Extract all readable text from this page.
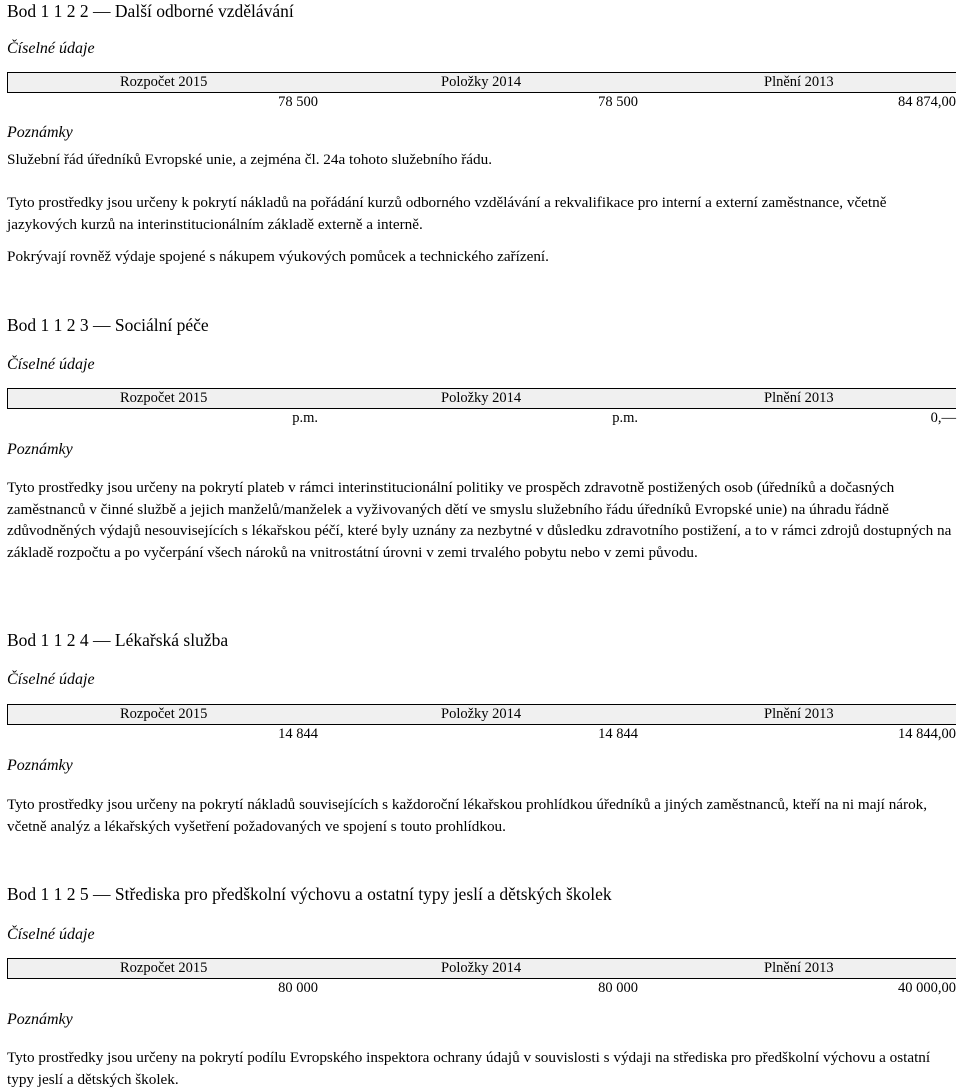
Bod 1 1 2 2 — Další odborné vzdělávání
Číselné údaje
Rozpočet 2015	Položky 2014	Plnění 2013
78 500	78 500	84 874,00
Poznámky

Služební řád úředníků Evropské unie, a zejména čl. 24a tohoto služebního řádu.

Tyto prostředky jsou určeny k pokrytí nákladů na pořádání kurzů odborného vzdělávání a rekvalifikace pro interní a externí zaměstnance, včetně jazykových kurzů na interinstitucionálním základě externě a interně.

Pokrývají rovněž výdaje spojené s nákupem výukových pomůcek a technického zařízení.

Bod 1 1 2 3 — Sociální péče
Číselné údaje
Rozpočet 2015	Položky 2014	Plnění 2013
p.m.	p.m.	0,—
Poznámky

Tyto prostředky jsou určeny na pokrytí plateb v rámci interinstitucionální politiky ve prospěch zdravotně postižených osob (úředníků a dočasných zaměstnanců v činné službě a jejich manželů/manželek a vyživovaných dětí ve smyslu služebního řádu úředníků Evropské unie) na úhradu řádně zdůvodněných výdajů nesouvisejících s lékařskou péčí, které byly uznány za nezbytné v důsledku zdravotního postižení, a to v rámci zdrojů dostupných na základě rozpočtu a po vyčerpání všech nároků na vnitrostátní úrovni v zemi trvalého pobytu nebo v zemi původu.

Bod 1 1 2 4 — Lékařská služba
Číselné údaje
Rozpočet 2015	Položky 2014	Plnění 2013
14 844	14 844	14 844,00
Poznámky

Tyto prostředky jsou určeny na pokrytí nákladů souvisejících s každoroční lékařskou prohlídkou úředníků a jiných zaměstnanců, kteří na ni mají nárok, včetně analýz a lékařských vyšetření požadovaných ve spojení s touto prohlídkou.

Bod 1 1 2 5 — Střediska pro předškolní výchovu a ostatní typy jeslí a dětských školek
Číselné údaje
Rozpočet 2015	Položky 2014	Plnění 2013
80 000	80 000	40 000,00
Poznámky

Tyto prostředky jsou určeny na pokrytí podílu Evropského inspektora ochrany údajů v souvislosti s výdaji na střediska pro předškolní výchovu a ostatní typy jeslí a dětských školek.
